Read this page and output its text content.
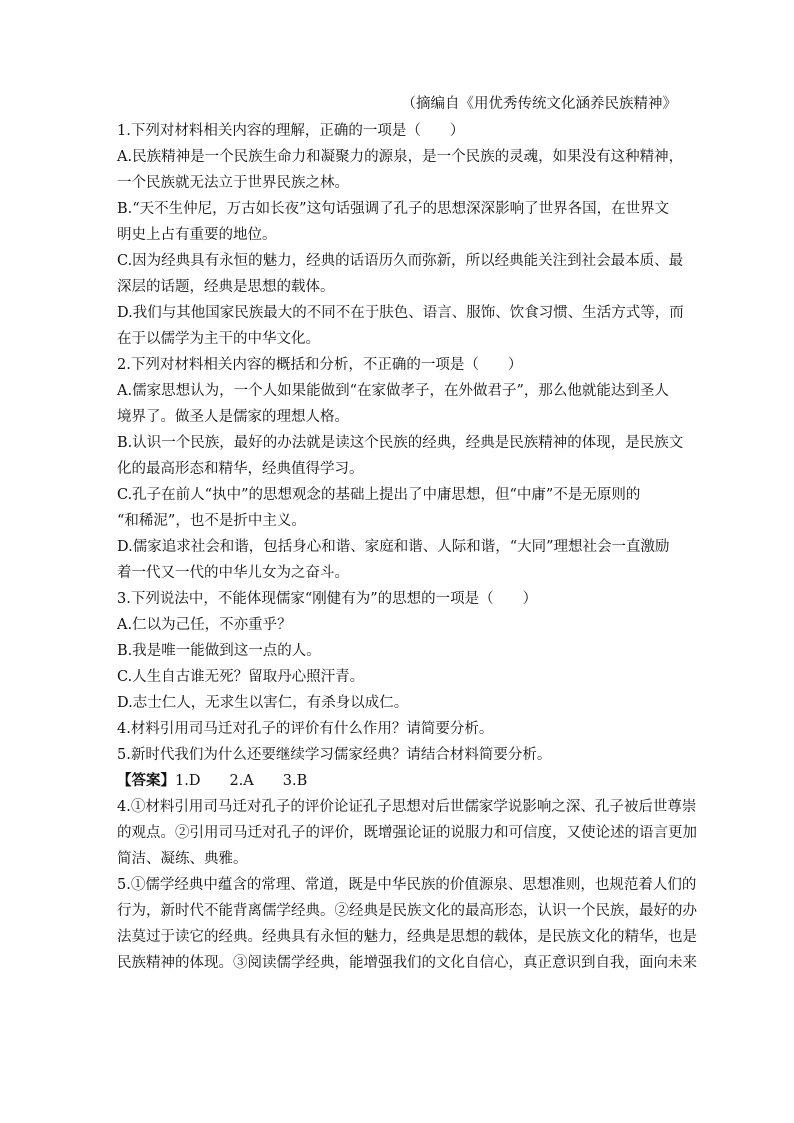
（摘编自《用优秀传统文化涵养民族精神》
1.下列对材料相关内容的理解，正确的一项是（　　）
A.民族精神是一个民族生命力和凝聚力的源泉，是一个民族的灵魂，如果没有这种精神，
一个民族就无法立于世界民族之林。
B.“天不生仲尼，万古如长夜”这句话强调了孔子的思想深深影响了世界各国，在世界文
明史上占有重要的地位。
C.因为经典具有永恒的魅力，经典的话语历久而弥新，所以经典能关注到社会最本质、最
深层的话题，经典是思想的载体。
D.我们与其他国家民族最大的不同不在于肤色、语言、服饰、饮食习惯、生活方式等，而
在于以儒学为主干的中华文化。
2.下列对材料相关内容的概括和分析，不正确的一项是（　　）
A.儒家思想认为，一个人如果能做到“在家做孝子，在外做君子”，那么他就能达到圣人
境界了。做圣人是儒家的理想人格。
B.认识一个民族，最好的办法就是读这个民族的经典，经典是民族精神的体现，是民族文
化的最高形态和精华，经典值得学习。
C.孔子在前人“执中”的思想观念的基础上提出了中庸思想，但“中庸”不是无原则的
“和稀泥”，也不是折中主义。
D.儒家追求社会和谐，包括身心和谐、家庭和谐、人际和谐，“大同”理想社会一直激励
着一代又一代的中华儿女为之奋斗。
3.下列说法中，不能体现儒家“刚健有为”的思想的一项是（　　）
A.仁以为己任，不亦重乎？
B.我是唯一能做到这一点的人。
C.人生自古谁无死？留取丹心照汗青。
D.志士仁人，无求生以害仁，有杀身以成仁。
4.材料引用司马迁对孔子的评价有什么作用？请简要分析。
5.新时代我们为什么还要继续学习儒家经典？请结合材料简要分析。
【答案】1.D　　2.A　　3.B
4.①材料引用司马迁对孔子的评价论证孔子思想对后世儒家学说影响之深、孔子被后世尊崇
的观点。②引用司马迁对孔子的评价，既增强论证的说服力和可信度，又使论述的语言更加
简洁、凝练、典雅。
5.①儒学经典中蕴含的常理、常道，既是中华民族的价值源泉、思想准则，也规范着人们的
行为，新时代不能背离儒学经典。②经典是民族文化的最高形态，认识一个民族，最好的办
法莫过于读它的经典。经典具有永恒的魅力，经典是思想的载体，是民族文化的精华，也是
民族精神的体现。③阅读儒学经典，能增强我们的文化自信心，真正意识到自我，面向未来
